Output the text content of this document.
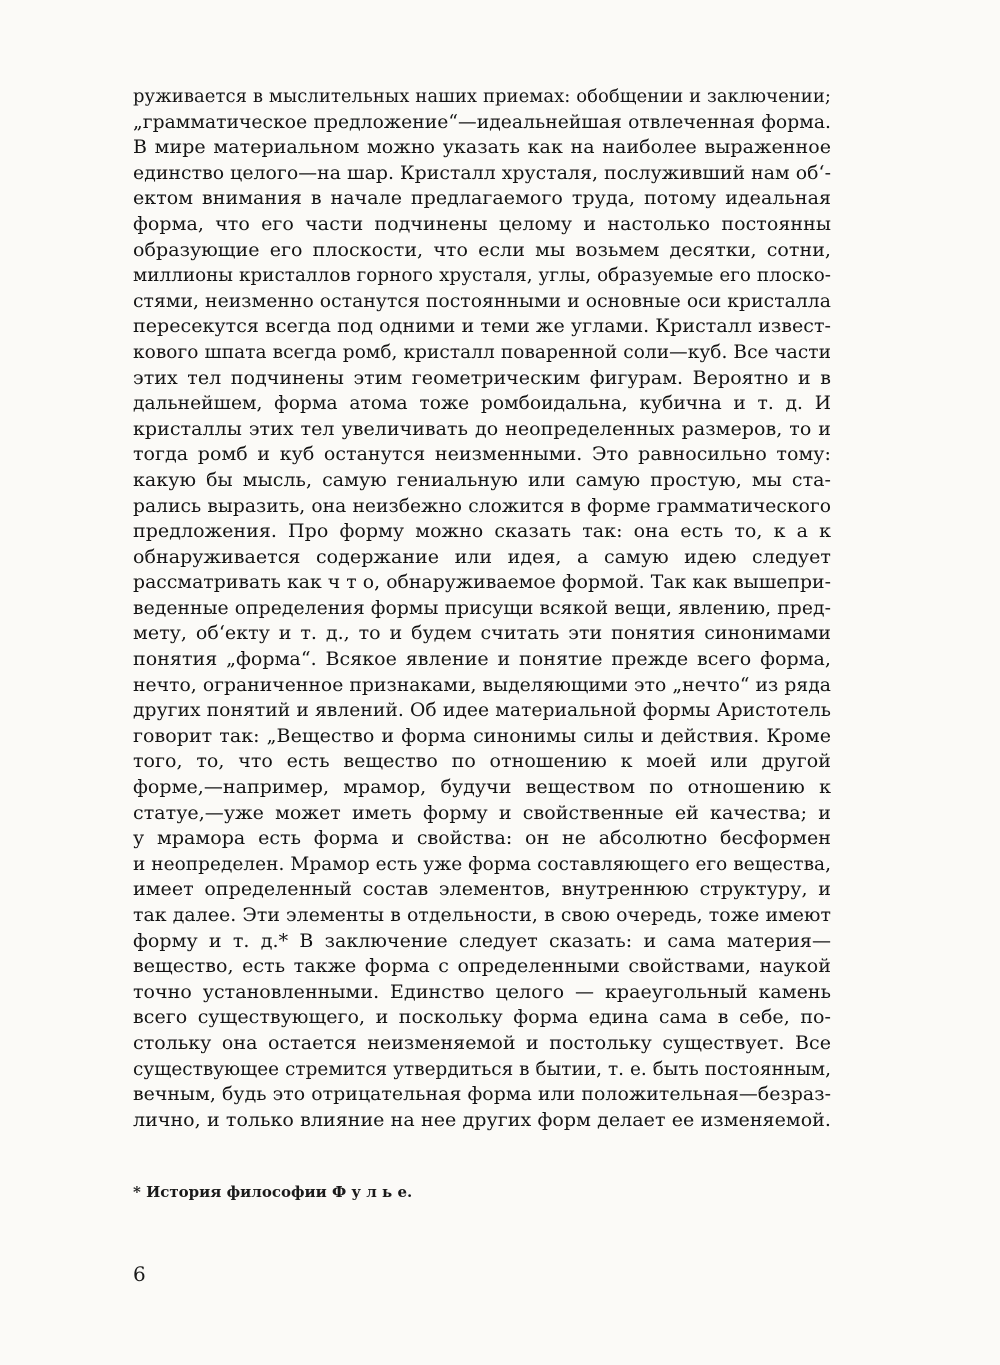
руживается в мыслительных наших приемах: обобщении и заключении;
„грамматическое предложение“—идеальнейшая отвлеченная форма.
В мире материальном можно указать как на наиболее выраженное
единство целого—на шар. Кристалл хрусталя, послуживший нам об‘-
ектом внимания в начале предлагаемого труда, потому идеальная
форма, что его части подчинены целому и настолько постоянны
образующие его плоскости, что если мы возьмем десятки, сотни,
миллионы кристаллов горного хрусталя, углы, образуемые его плоско-
стями, неизменно останутся постоянными и основные оси кристалла
пересекутся всегда под одними и теми же углами. Кристалл извест-
кового шпата всегда ромб, кристалл поваренной соли—куб. Все части
этих тел подчинены этим геометрическим фигурам. Вероятно и в
дальнейшем, форма атома тоже ромбоидальна, кубична и т. д. И
кристаллы этих тел увеличивать до неопределенных размеров, то и
тогда ромб и куб останутся неизменными. Это равносильно тому:
какую бы мысль, самую гениальную или самую простую, мы ста-
рались выразить, она неизбежно сложится в форме грамматического
предложения. Про форму можно сказать так: она есть то, к а к
обнаруживается содержание или идея, а самую идею следует
рассматривать как ч т о, обнаруживаемое формой. Так как вышепри-
веденные определения формы присущи всякой вещи, явлению, пред-
мету, об‘екту и т. д., то и будем считать эти понятия синонимами
понятия „форма“. Всякое явление и понятие прежде всего форма,
нечто, ограниченное признаками, выделяющими это „нечто“ из ряда
других понятий и явлений. Об идее материальной формы Аристотель
говорит так: „Вещество и форма синонимы силы и действия. Кроме
того, то, что есть вещество по отношению к моей или другой
форме,—например, мрамор, будучи веществом по отношению к
статуе,—уже может иметь форму и свойственные ей качества; и
у мрамора есть форма и свойства: он не абсолютно бесформен
и неопределен. Мрамор есть уже форма составляющего его вещества,
имеет определенный состав элементов, внутреннюю структуру, и
так далее. Эти элементы в отдельности, в свою очередь, тоже имеют
форму и т. д.* В заключение следует сказать: и сама материя—
вещество, есть также форма с определенными свойствами, наукой
точно установленными. Единство целого — краеугольный камень
всего существующего, и поскольку форма едина сама в себе, по-
стольку она остается неизменяемой и постольку существует. Все
существующее стремится утвердиться в бытии, т. е. быть постоянным,
вечным, будь это отрицательная форма или положительная—безраз-
лично, и только влияние на нее других форм делает ее изменяемой.
* История философии Ф у л ь е.
6
